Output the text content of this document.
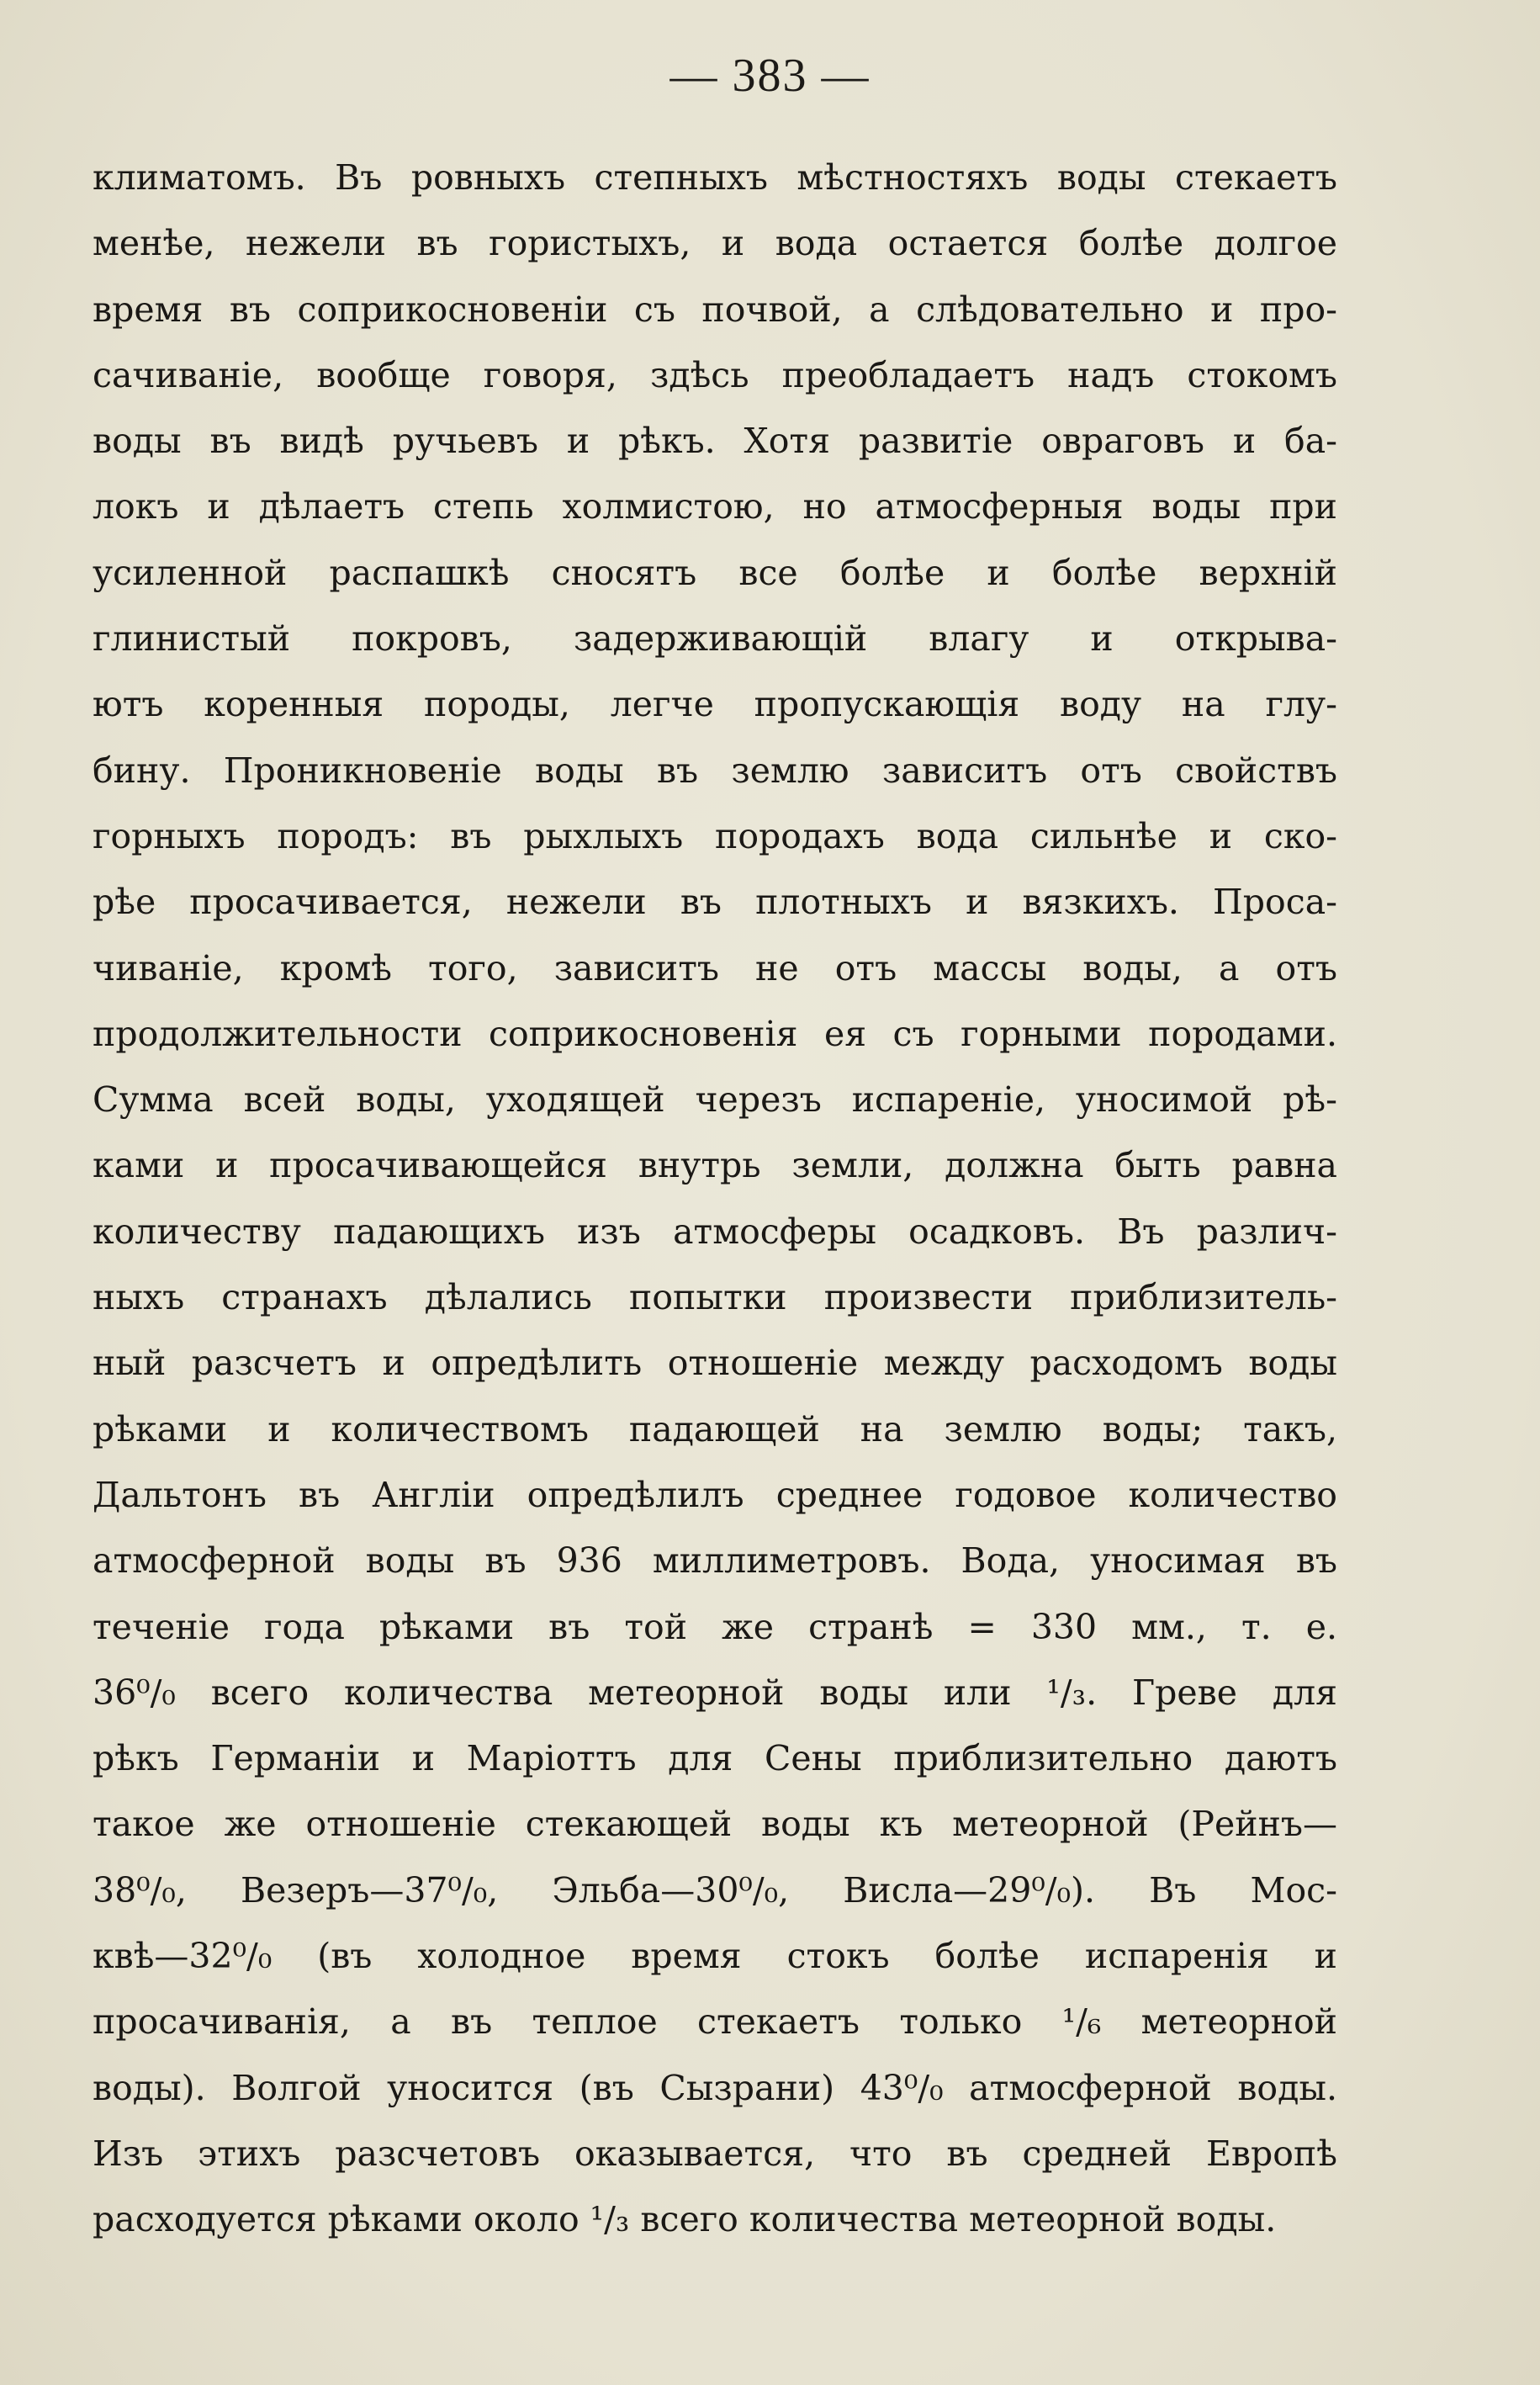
— 383 —
климатомъ. Въ ровныхъ степныхъ мѣстностяхъ воды стекаетъ
менѣе, нежели въ гористыхъ, и вода остается болѣе долгое
время въ соприкосновеніи съ почвой, а слѣдовательно и про-
сачиваніе, вообще говоря, здѣсь преобладаетъ надъ стокомъ
воды въ видѣ ручьевъ и рѣкъ. Хотя развитіе овраговъ и ба-
локъ и дѣлаетъ степь холмистою, но атмосферныя воды при
усиленной распашкѣ сносятъ все болѣе и болѣе верхній
глинистый покровъ, задерживающій влагу и открыва-
ютъ коренныя породы, легче пропускающія воду на глу-
бину. Проникновеніе воды въ землю зависитъ отъ свойствъ
горныхъ породъ: въ рыхлыхъ породахъ вода сильнѣе и ско-
рѣе просачивается, нежели въ плотныхъ и вязкихъ. Проса-
чиваніе, кромѣ того, зависитъ не отъ массы воды, а отъ
продолжительности соприкосновенія ея съ горными породами.
Сумма всей воды, уходящей черезъ испареніе, уносимой рѣ-
ками и просачивающейся внутрь земли, должна быть равна
количеству падающихъ изъ атмосферы осадковъ. Въ различ-
ныхъ странахъ дѣлались попытки произвести приблизитель-
ный разсчетъ и опредѣлить отношеніе между расходомъ воды
рѣками и количествомъ падающей на землю воды; такъ,
Дальтонъ въ Англіи опредѣлилъ среднее годовое количество
атмосферной воды въ 936 миллиметровъ. Вода, уносимая въ
теченіе года рѣками въ той же странѣ = 330 мм., т. е.
36⁰/₀ всего количества метеорной воды или ¹/₃. Греве для
рѣкъ Германіи и Маріоттъ для Сены приблизительно даютъ
такое же отношеніе стекающей воды къ метеорной (Рейнъ—
38⁰/₀, Везеръ—37⁰/₀, Эльба—30⁰/₀, Висла—29⁰/₀). Въ Мос-
квѣ—32⁰/₀ (въ холодное время стокъ болѣе испаренія и
просачиванія, а въ теплое стекаетъ только ¹/₆ метеорной
воды). Волгой уносится (въ Сызрани) 43⁰/₀ атмосферной воды.
Изъ этихъ разсчетовъ оказывается, что въ средней Европѣ
расходуется рѣками около ¹/₃ всего количества метеорной воды.
